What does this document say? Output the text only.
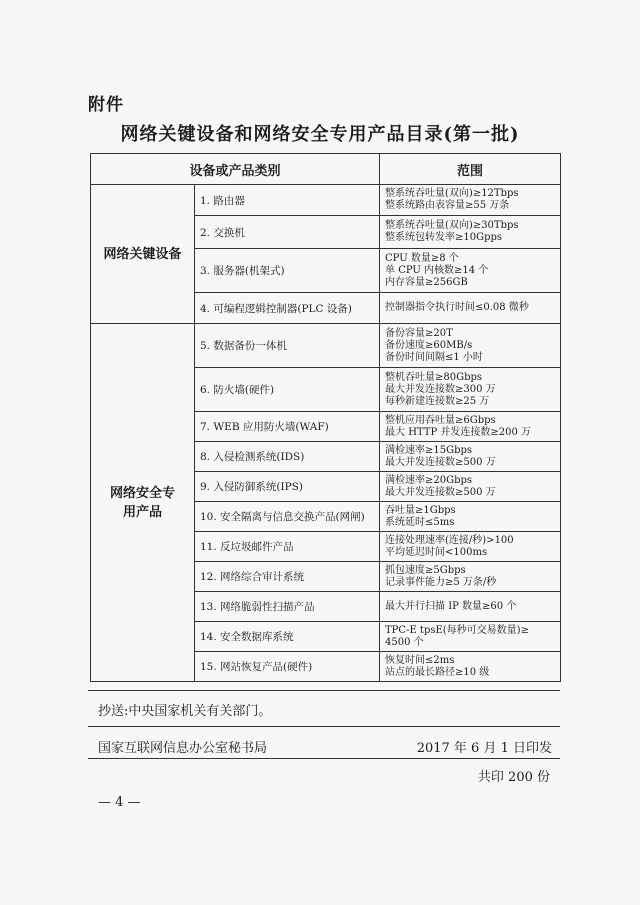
附件
网络关键设备和网络安全专用产品目录(第一批)
设备或产品类别		范围
网络关键设备	1. 路由器	整系统吞吐量(双向)≥12Tbps
整系统路由表容量≥55 万条

	2. 交换机	整系统吞吐量(双向)≥30Tbps
整系统包转发率≥10Gpps

	3. 服务器(机架式)	CPU 数量≥8 个
单 CPU 内核数≥14 个
内存容量≥256GB

	4. 可编程逻辑控制器(PLC 设备)	控制器指令执行时间≤0.08 微秒

网络安全专用产品	5. 数据备份一体机	备份容量≥20T
备份速度≥60MB/s
备份时间间隔≤1 小时

	6. 防火墙(硬件)	整机吞吐量≥80Gbps
最大并发连接数≥300 万
每秒新建连接数≥25 万

	7. WEB 应用防火墙(WAF)	整机应用吞吐量≥6Gbps
最大 HTTP 并发连接数≥200 万

	8. 入侵检测系统(IDS)	满检速率≥15Gbps
最大并发连接数≥500 万

	9. 入侵防御系统(IPS)	满检速率≥20Gbps
最大并发连接数≥500 万

	10. 安全隔离与信息交换产品(网闸)	吞吐量≥1Gbps
系统延时≤5ms

	11. 反垃圾邮件产品	连接处理速率(连接/秒)>100
平均延迟时间<100ms

	12. 网络综合审计系统	抓包速度≥5Gbps
记录事件能力≥5 万条/秒

	13. 网络脆弱性扫描产品	最大并行扫描 IP 数量≥60 个

	14. 安全数据库系统	TPC-E tpsE(每秒可交易数量)≥
4500 个

	15. 网站恢复产品(硬件)	恢复时间≤2ms
站点的最长路径≥10 级
抄送:中央国家机关有关部门。
国家互联网信息办公室秘书局	2017 年 6 月 1 日印发
共印 200 份
— 4 —
